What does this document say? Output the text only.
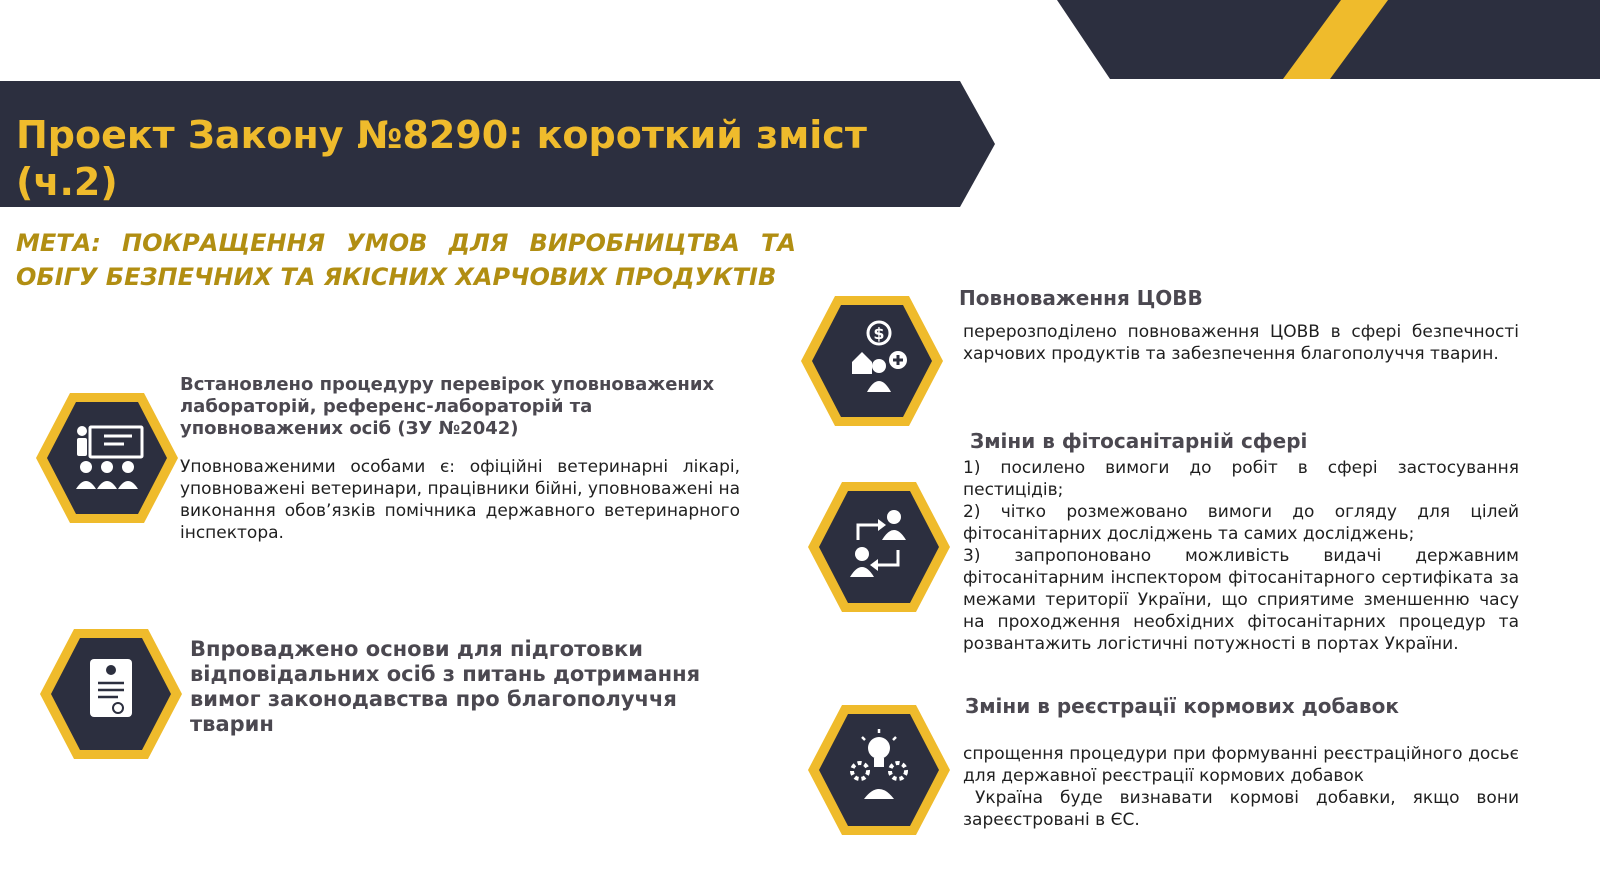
Проект Закону №8290: короткий зміст (ч.2)

МЕТА: ПОКРАЩЕННЯ УМОВ ДЛЯ ВИРОБНИЦТВА ТА ОБІГУ БЕЗПЕЧНИХ ТА ЯКІСНИХ ХАРЧОВИХ ПРОДУКТІВ

Встановлено процедуру перевірок уповноважених лабораторій, референс-лабораторій та уповноважених осіб (ЗУ №2042)

Уповноваженими особами є: офіційні ветеринарні лікарі, уповноважені ветеринари, працівники бійні, уповноважені на виконання обов’язків помічника державного ветеринарного інспектора.

Впроваджено основи для підготовки відповідальних осіб з питань дотримання вимог законодавства про благополуччя тварин
$
Повноваження ЦОВВ

перерозподілено повноваження ЦОВВ в сфері безпечності харчових продуктів та забезпечення благополуччя тварин.

Зміни в фітосанітарній сфері
1) посилено вимоги до робіт в сфері застосування пестицідів;
2) чітко розмежовано вимоги до огляду для цілей фітосанітарних досліджень та самих досліджень;
3) запропоновано можливість видачі державним фітосанітарним інспектором фітосанітарного сертифіката за межами території України, що сприятиме зменшенню часу на проходження необхідних фітосанітарних процедур та розвантажить логістичні потужності в портах України.
Зміни в реєстрації кормових добавок
спрощення процедури при формуванні реєстраційного досьє для державної реєстрації кормових добавок
Україна буде визнавати кормові добавки, якщо вони зареєстровані в ЄС.
